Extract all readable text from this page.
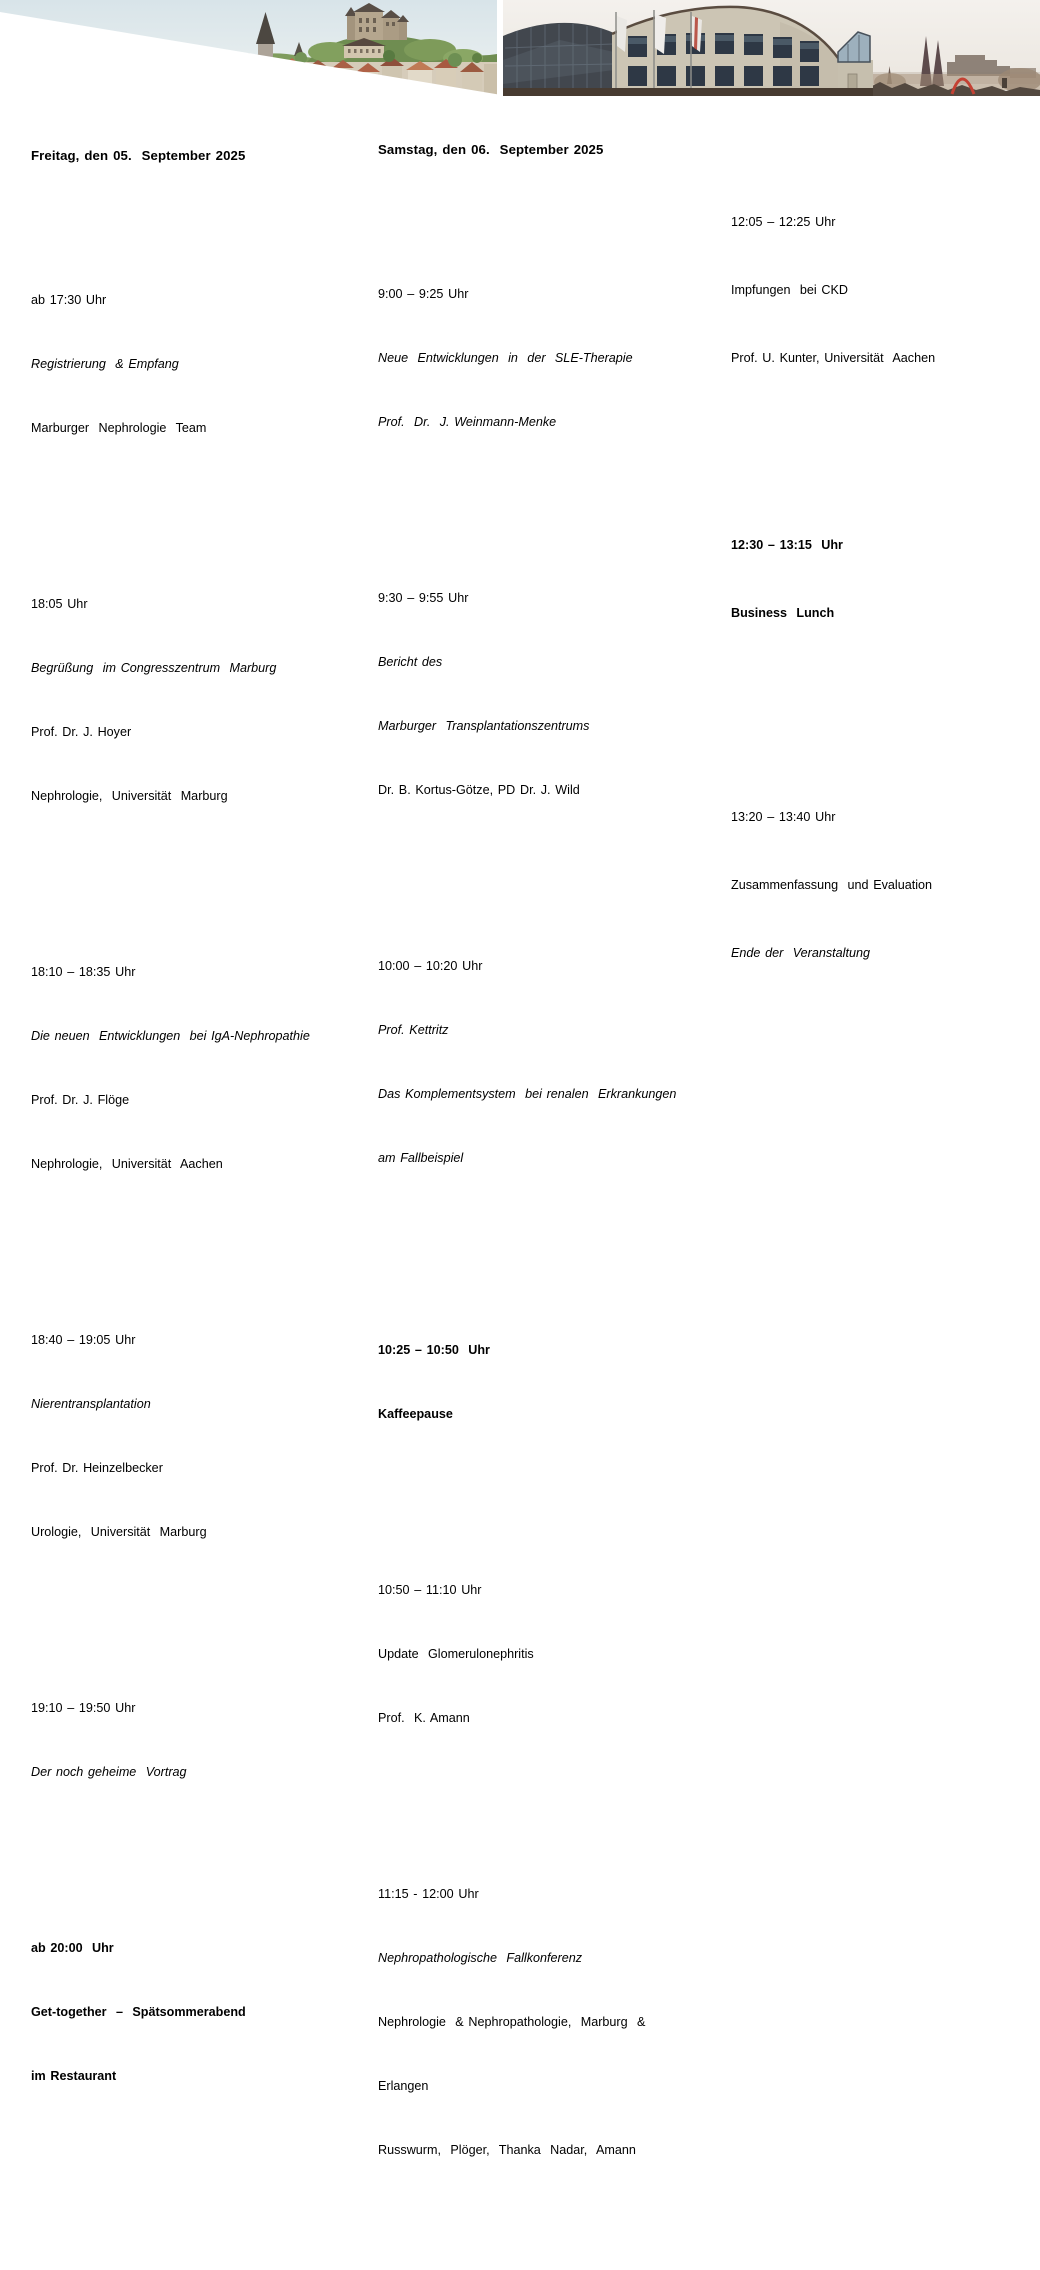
Freitag, den 05.  September 2025

ab 17:30 Uhr

Registrierung  & Empfang

Marburger  Nephrologie  Team

18:05 Uhr

Begrüßung  im Congresszentrum  Marburg

Prof. Dr. J. Hoyer

Nephrologie,  Universität  Marburg

18:10 – 18:35 Uhr

Die neuen  Entwicklungen  bei IgA-Nephropathie

Prof. Dr. J. Flöge

Nephrologie,  Universität  Aachen

18:40 – 19:05 Uhr

Nierentransplantation

Prof. Dr. Heinzelbecker

Urologie,  Universität  Marburg

19:10 – 19:50 Uhr

Der noch geheime  Vortrag

ab 20:00  Uhr

Get-together  –  Spätsommerabend

im Restaurant

Samstag, den 06.  September 2025

9:00 – 9:25 Uhr

Neue  Entwicklungen  in  der  SLE-Therapie

Prof.  Dr.  J. Weinmann-Menke

9:30 – 9:55 Uhr

Bericht des

Marburger  Transplantationszentrums

Dr. B. Kortus-Götze, PD Dr. J. Wild

10:00 – 10:20 Uhr

Prof. Kettritz

Das Komplementsystem  bei renalen  Erkrankungen

am Fallbeispiel

10:25 – 10:50  Uhr

Kaffeepause

10:50 – 11:10 Uhr

Update  Glomerulonephritis

Prof.  K. Amann

11:15 - 12:00 Uhr

Nephropathologische  Fallkonferenz

Nephrologie  & Nephropathologie,  Marburg  &

Erlangen

Russwurm,  Plöger,  Thanka  Nadar,  Amann

12:05 – 12:25 Uhr

Impfungen  bei CKD

Prof. U. Kunter, Universität  Aachen

12:30 – 13:15  Uhr

Business  Lunch

13:20 – 13:40 Uhr

Zusammenfassung  und Evaluation

Ende der  Veranstaltung
